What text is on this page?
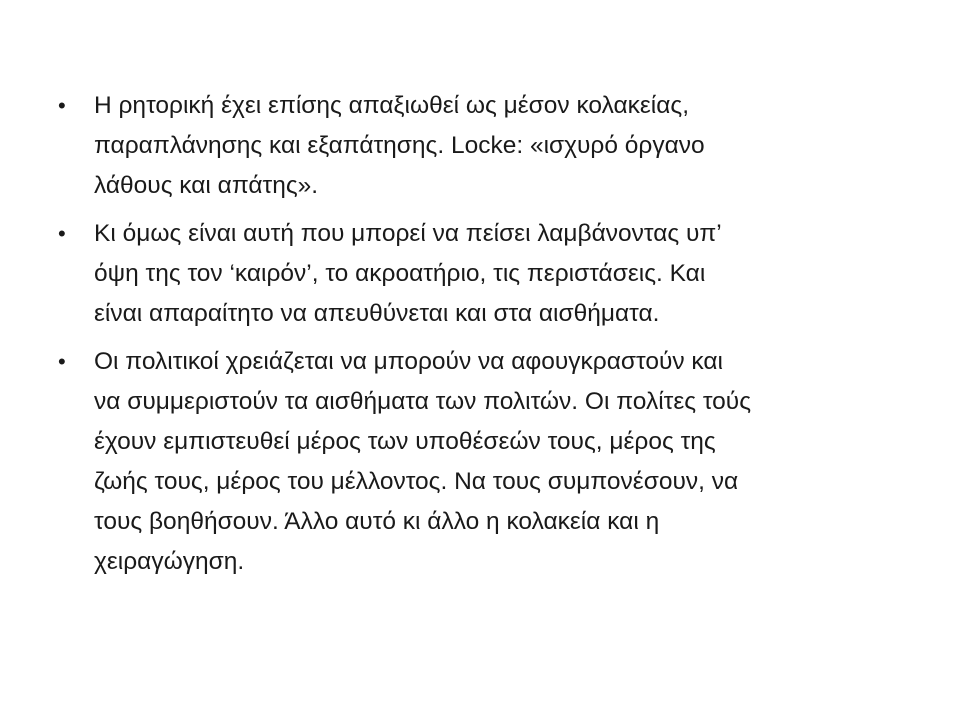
• Η ρητορική έχει επίσης απαξιωθεί ως μέσον κολακείας,
παραπλάνησης και εξαπάτησης. Locke: «ισχυρό όργανο
λάθους και απάτης».
• Κι όμως είναι αυτή που μπορεί να πείσει λαμβάνοντας υπ’
όψη της τον ‘καιρόν’, το ακροατήριο, τις περιστάσεις. Και
είναι απαραίτητο να απευθύνεται και στα αισθήματα.
• Οι πολιτικοί χρειάζεται να μπορούν να αφουγκραστούν και
να συμμεριστούν τα αισθήματα των πολιτών. Οι πολίτες τούς
έχουν εμπιστευθεί μέρος των υποθέσεών τους, μέρος της
ζωής τους, μέρος του μέλλοντος. Να τους συμπονέσουν, να
τους βοηθήσουν. Άλλο αυτό κι άλλο η κολακεία και η
χειραγώγηση.
